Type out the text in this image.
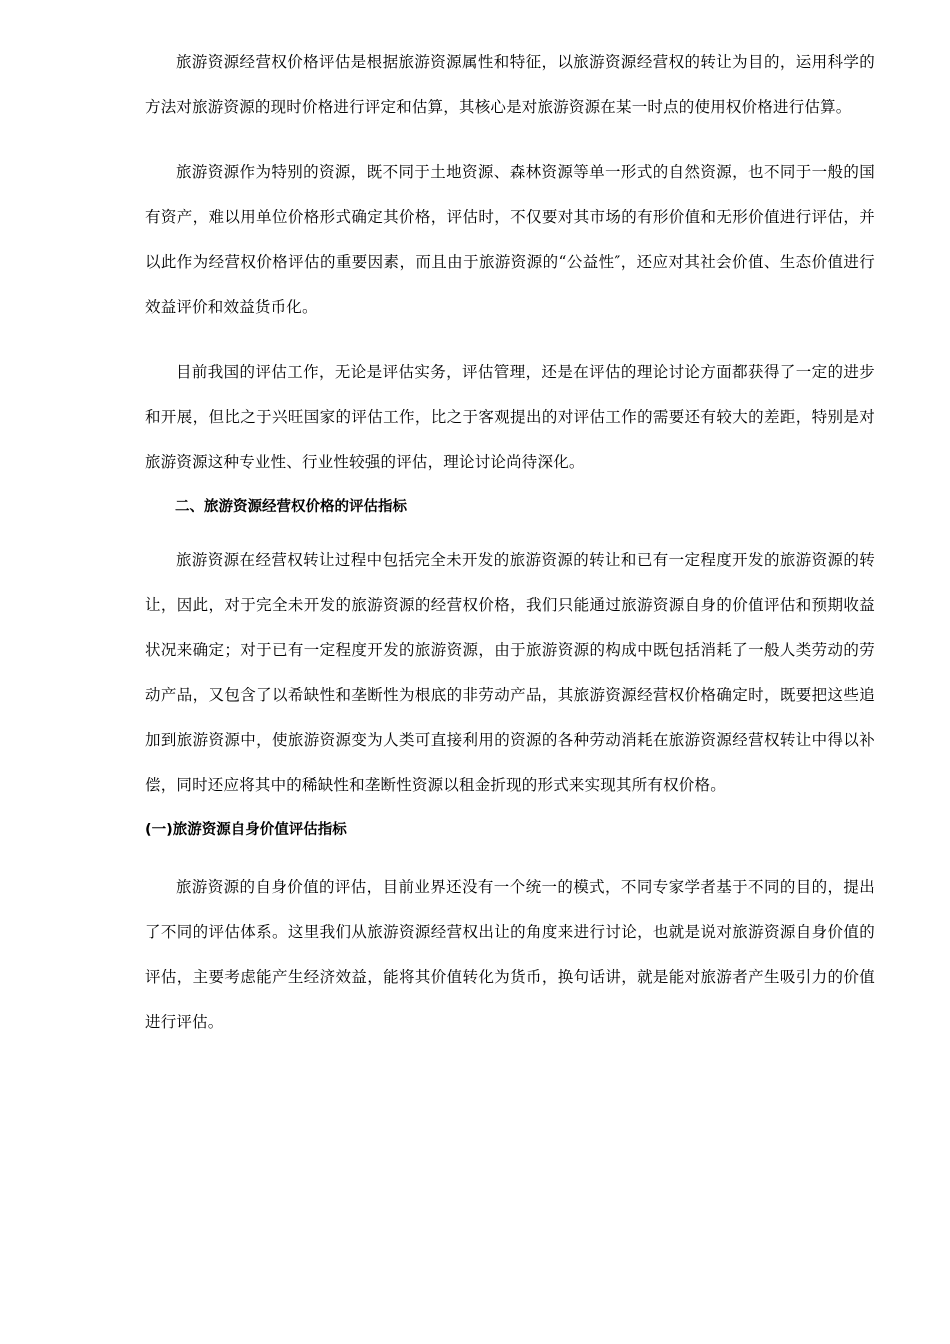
旅游资源经营权价格评估是根据旅游资源属性和特征，以旅游资源经营权的转让为目的，运用科学的方法对旅游资源的现时价格进行评定和估算，其核心是对旅游资源在某一时点的使用权价格进行估算。

旅游资源作为特别的资源，既不同于土地资源、森林资源等单一形式的自然资源，也不同于一般的国有资产，难以用单位价格形式确定其价格，评估时，不仅要对其市场的有形价值和无形价值进行评估，并以此作为经营权价格评估的重要因素，而且由于旅游资源的“公益性″，还应对其社会价值、生态价值进行效益评价和效益货币化。

目前我国的评估工作，无论是评估实务，评估管理，还是在评估的理论讨论方面都获得了一定的进步和开展，但比之于兴旺国家的评估工作，比之于客观提出的对评估工作的需要还有较大的差距，特别是对旅游资源这种专业性、行业性较强的评估，理论讨论尚待深化。

二、旅游资源经营权价格的评估指标

旅游资源在经营权转让过程中包括完全未开发的旅游资源的转让和已有一定程度开发的旅游资源的转让，因此，对于完全未开发的旅游资源的经营权价格，我们只能通过旅游资源自身的价值评估和预期收益状况来确定；对于已有一定程度开发的旅游资源，由于旅游资源的构成中既包括消耗了一般人类劳动的劳动产品，又包含了以希缺性和垄断性为根底的非劳动产品，其旅游资源经营权价格确定时，既要把这些追加到旅游资源中，使旅游资源变为人类可直接利用的资源的各种劳动消耗在旅游资源经营权转让中得以补偿，同时还应将其中的稀缺性和垄断性资源以租金折现的形式来实现其所有权价格。

(一)旅游资源自身价值评估指标

旅游资源的自身价值的评估，目前业界还没有一个统一的模式，不同专家学者基于不同的目的，提出了不同的评估体系。这里我们从旅游资源经营权出让的角度来进行讨论，也就是说对旅游资源自身价值的评估，主要考虑能产生经济效益，能将其价值转化为货币，换句话讲，就是能对旅游者产生吸引力的价值进行评估。
